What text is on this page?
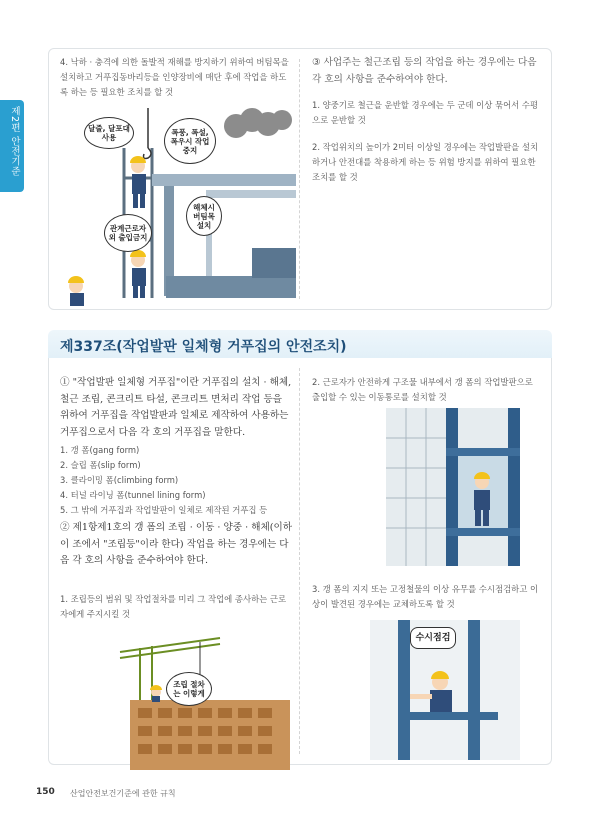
제2편 안전기준
4. 낙하 · 충격에 의한 돌발적 재해를 방지하기 위하여 버팀목을 설치하고 거푸집동바리등을 인양장비에 매단 후에 작업을 하도록 하는 등 필요한 조치를 할 것
달줄, 달포대 사용
폭풍, 폭설, 폭우시 작업중지
해체시 버팀목 설치
관계근로자외 출입금지
③ 사업주는 철근조립 등의 작업을 하는 경우에는 다음 각 호의 사항을 준수하여야 한다.
1. 양중기로 철근을 운반할 경우에는 두 군데 이상 묶어서 수평으로 운반할 것
2. 작업위치의 높이가 2미터 이상일 경우에는 작업발판을 설치하거나 안전대를 착용하게 하는 등 위험 방지를 위하여 필요한 조치를 할 것
제337조(작업발판 일체형 거푸집의 안전조치)
① "작업발판 일체형 거푸집"이란 거푸집의 설치 · 해체, 철근 조립, 콘크리트 타설, 콘크리트 면처리 작업 등을 위하여 거푸집을 작업발판과 일체로 제작하여 사용하는 거푸집으로서 다음 각 호의 거푸집을 말한다.
1. 갱 폼(gang form)
2. 슬립 폼(slip form)
3. 클라이밍 폼(climbing form)
4. 터널 라이닝 폼(tunnel lining form)
5. 그 밖에 거푸집과 작업발판이 일체로 제작된 거푸집 등
② 제1항제1호의 갱 폼의 조립 · 이동 · 양중 · 해체(이하 이 조에서 "조립등"이라 한다) 작업을 하는 경우에는 다음 각 호의 사항을 준수하여야 한다.
1. 조립등의 범위 및 작업절차를 미리 그 작업에 종사하는 근로자에게 주지시킬 것
조립 절차는 이렇게
2. 근로자가 안전하게 구조물 내부에서 갱 폼의 작업발판으로 출입할 수 있는 이동통로를 설치할 것
3. 갱 폼의 지지 또는 고정철물의 이상 유무를 수시점검하고 이상이 발견된 경우에는 교체하도록 할 것
수시점검
150 산업안전보건기준에 관한 규칙
